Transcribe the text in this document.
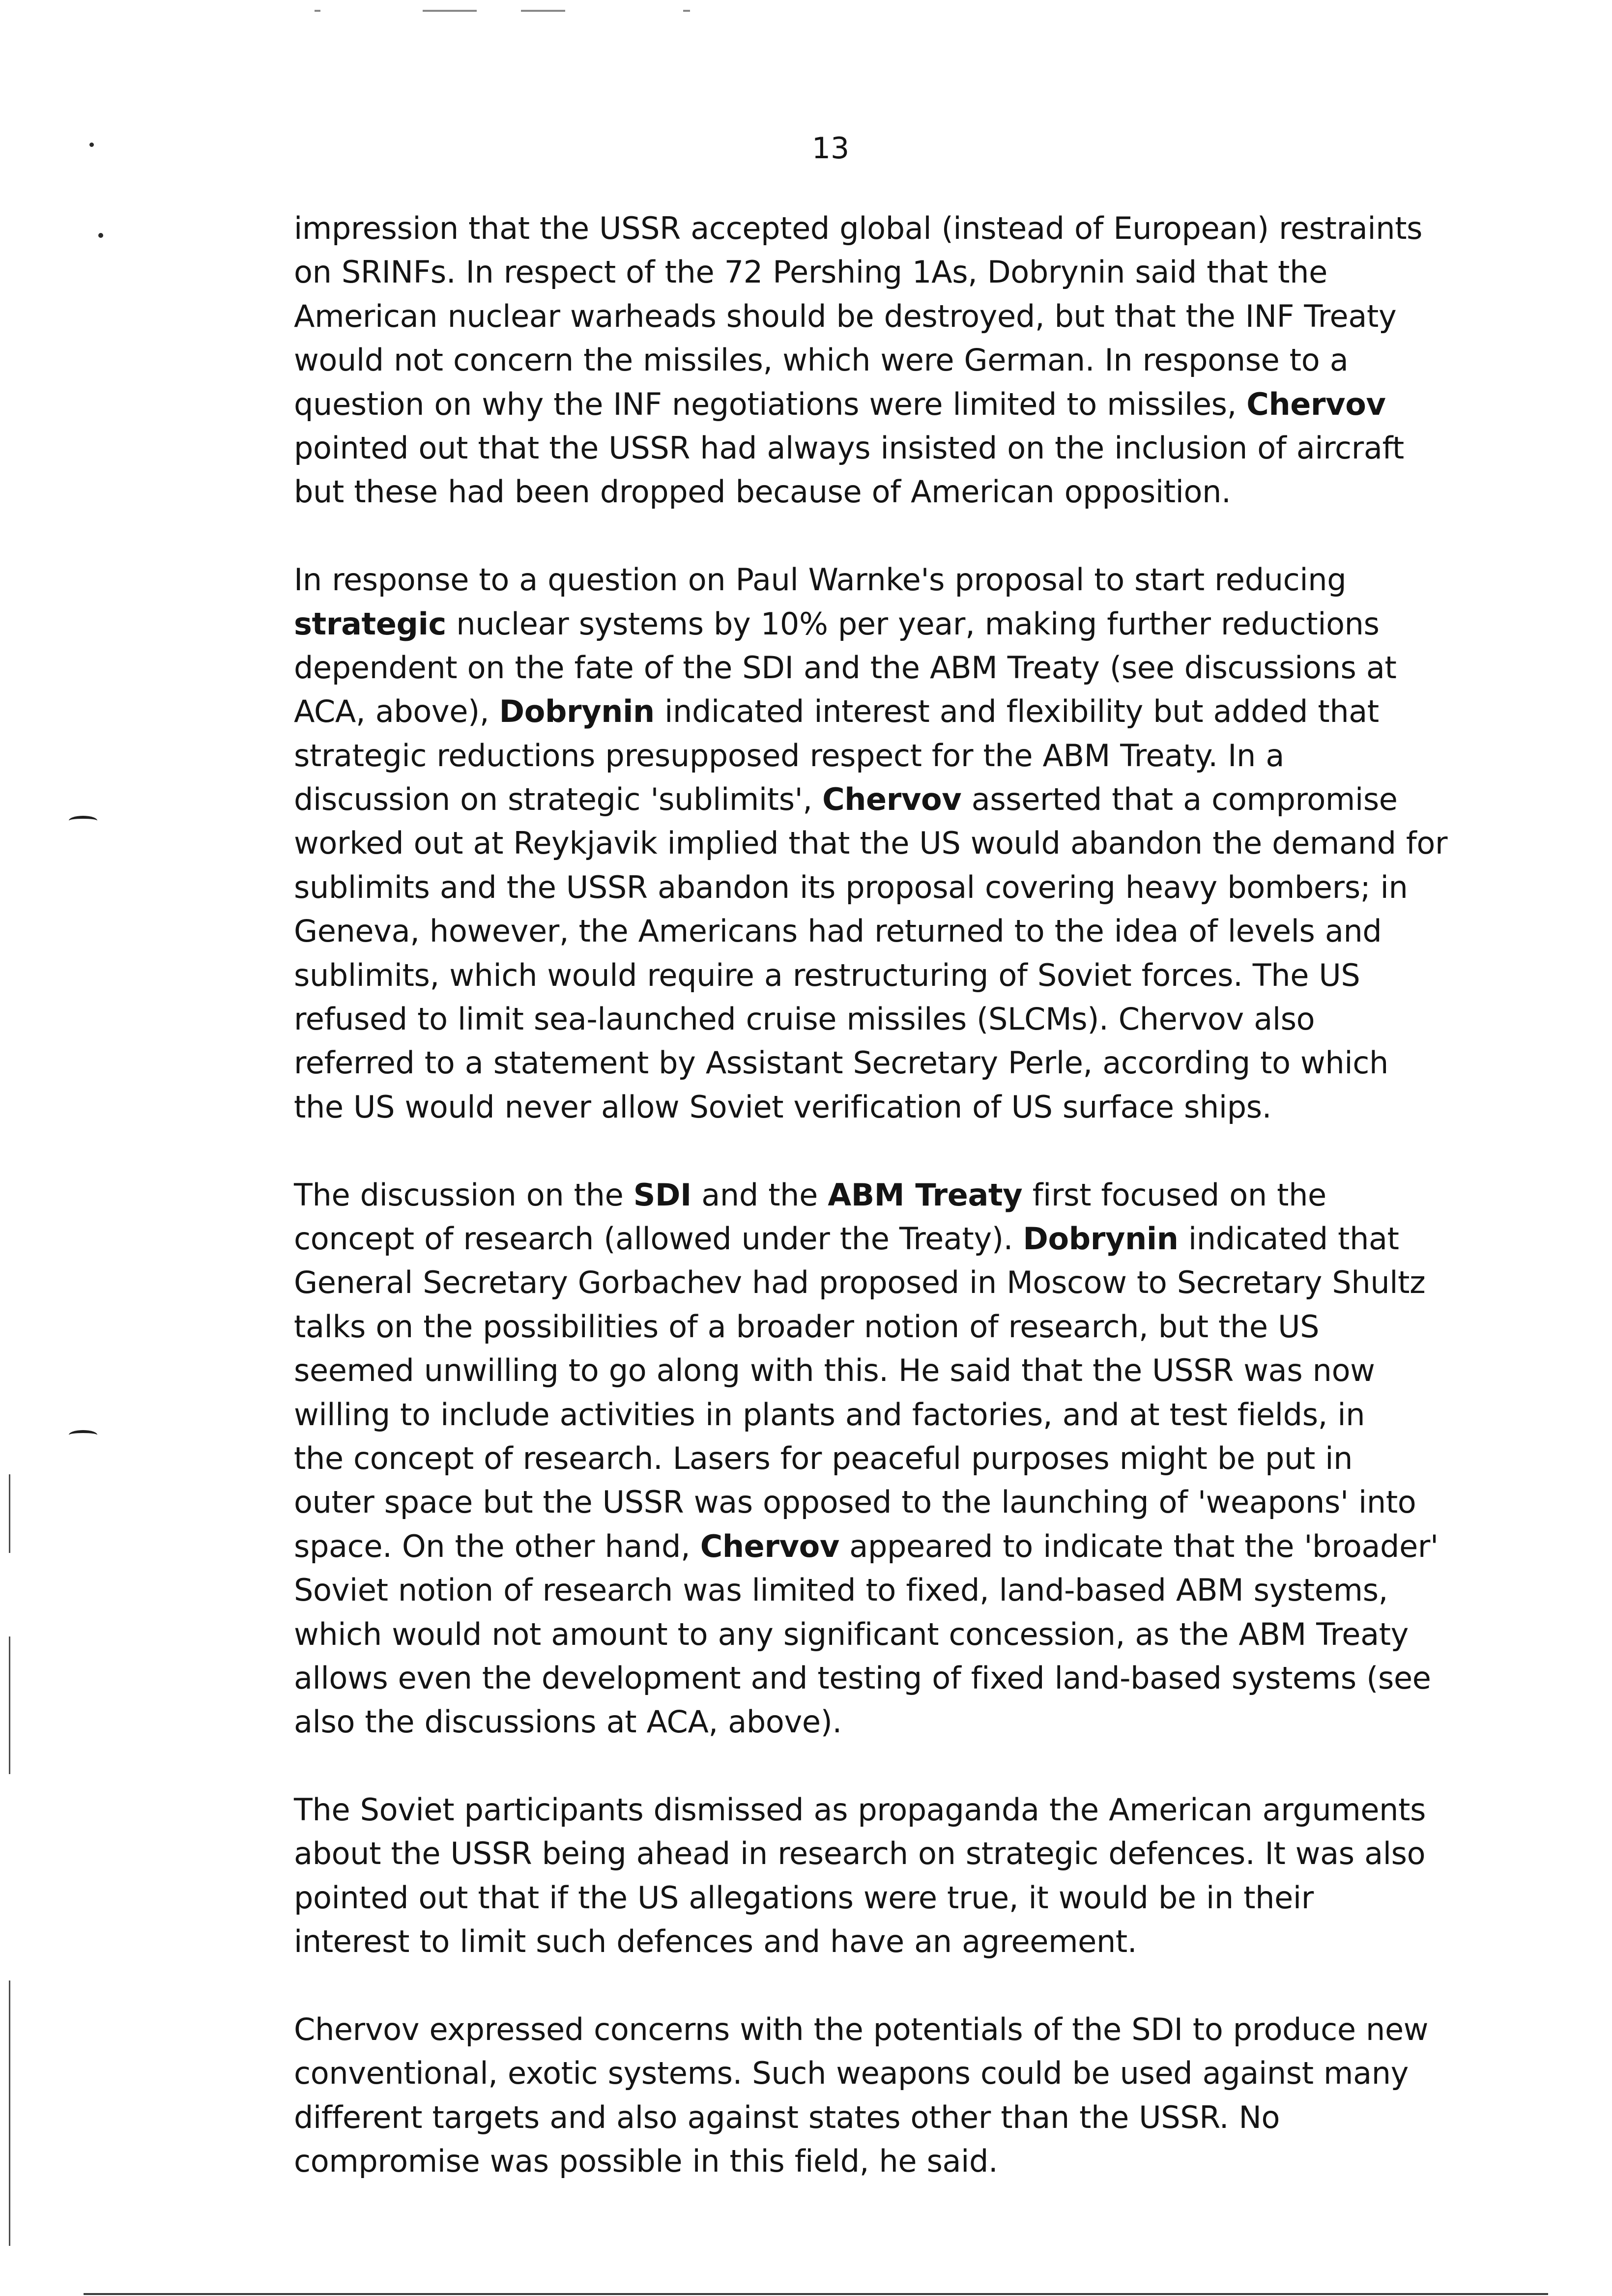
13

impression that the USSR accepted global (instead of European) restraints
on SRINFs. In respect of the 72 Pershing 1As, Dobrynin said that the
American nuclear warheads should be destroyed, but that the INF Treaty
would not concern the missiles, which were German. In response to a
question on why the INF negotiations were limited to missiles, Chervov
pointed out that the USSR had always insisted on the inclusion of aircraft
but these had been dropped because of American opposition.

In response to a question on Paul Warnke's proposal to start reducing
strategic nuclear systems by 10% per year, making further reductions
dependent on the fate of the SDI and the ABM Treaty (see discussions at
ACA, above), Dobrynin indicated interest and flexibility but added that
strategic reductions presupposed respect for the ABM Treaty. In a
discussion on strategic 'sublimits', Chervov asserted that a compromise
worked out at Reykjavik implied that the US would abandon the demand for
sublimits and the USSR abandon its proposal covering heavy bombers; in
Geneva, however, the Americans had returned to the idea of levels and
sublimits, which would require a restructuring of Soviet forces. The US
refused to limit sea-launched cruise missiles (SLCMs). Chervov also
referred to a statement by Assistant Secretary Perle, according to which
the US would never allow Soviet verification of US surface ships.

The discussion on the SDI and the ABM Treaty first focused on the
concept of research (allowed under the Treaty). Dobrynin indicated that
General Secretary Gorbachev had proposed in Moscow to Secretary Shultz
talks on the possibilities of a broader notion of research, but the US
seemed unwilling to go along with this. He said that the USSR was now
willing to include activities in plants and factories, and at test fields, in
the concept of research. Lasers for peaceful purposes might be put in
outer space but the USSR was opposed to the launching of 'weapons' into
space. On the other hand, Chervov appeared to indicate that the 'broader'
Soviet notion of research was limited to fixed, land-based ABM systems,
which would not amount to any significant concession, as the ABM Treaty
allows even the development and testing of fixed land-based systems (see
also the discussions at ACA, above).

The Soviet participants dismissed as propaganda the American arguments
about the USSR being ahead in research on strategic defences. It was also
pointed out that if the US allegations were true, it would be in their
interest to limit such defences and have an agreement.

Chervov expressed concerns with the potentials of the SDI to produce new
conventional, exotic systems. Such weapons could be used against many
different targets and also against states other than the USSR. No
compromise was possible in this field, he said.
